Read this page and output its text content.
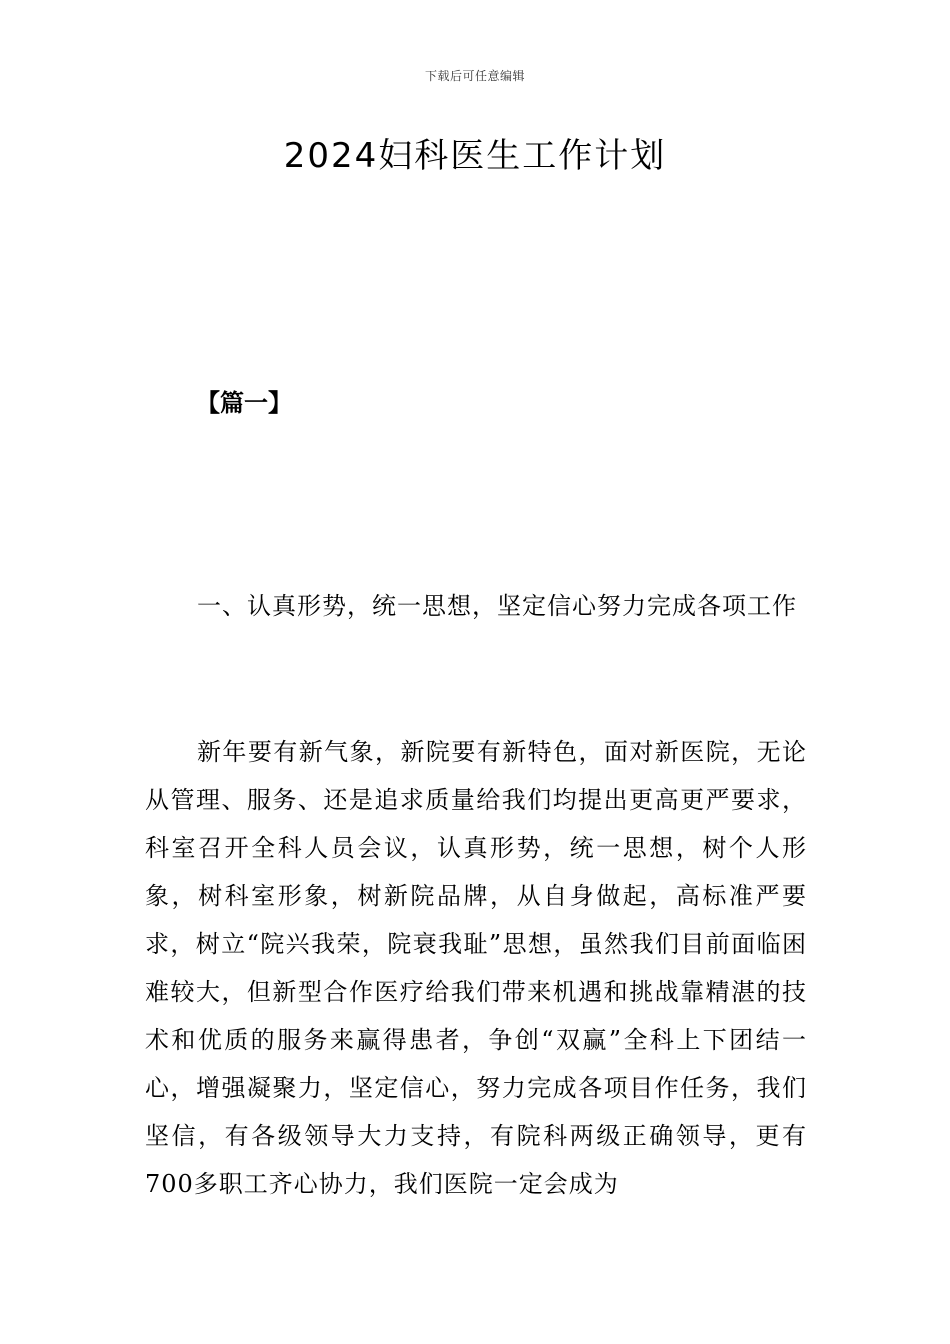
下载后可任意编辑
2024妇科医生工作计划
【篇一】

一、认真形势，统一思想，坚定信心努力完成各项工作

新年要有新气象，新院要有新特色，面对新医院，无论从管理、服务、还是追求质量给我们均提出更高更严要求，科室召开全科人员会议，认真形势，统一思想，树个人形象，树科室形象，树新院品牌，从自身做起，高标准严要求，树立“院兴我荣，院衰我耻”思想，虽然我们目前面临困难较大，但新型合作医疗给我们带来机遇和挑战靠精湛的技术和优质的服务来赢得患者，争创“双赢”全科上下团结一心，增强凝聚力，坚定信心，努力完成各项目作任务，我们坚信，有各级领导大力支持，有院科两级正确领导，更有700多职工齐心协力，我们医院一定会成为
